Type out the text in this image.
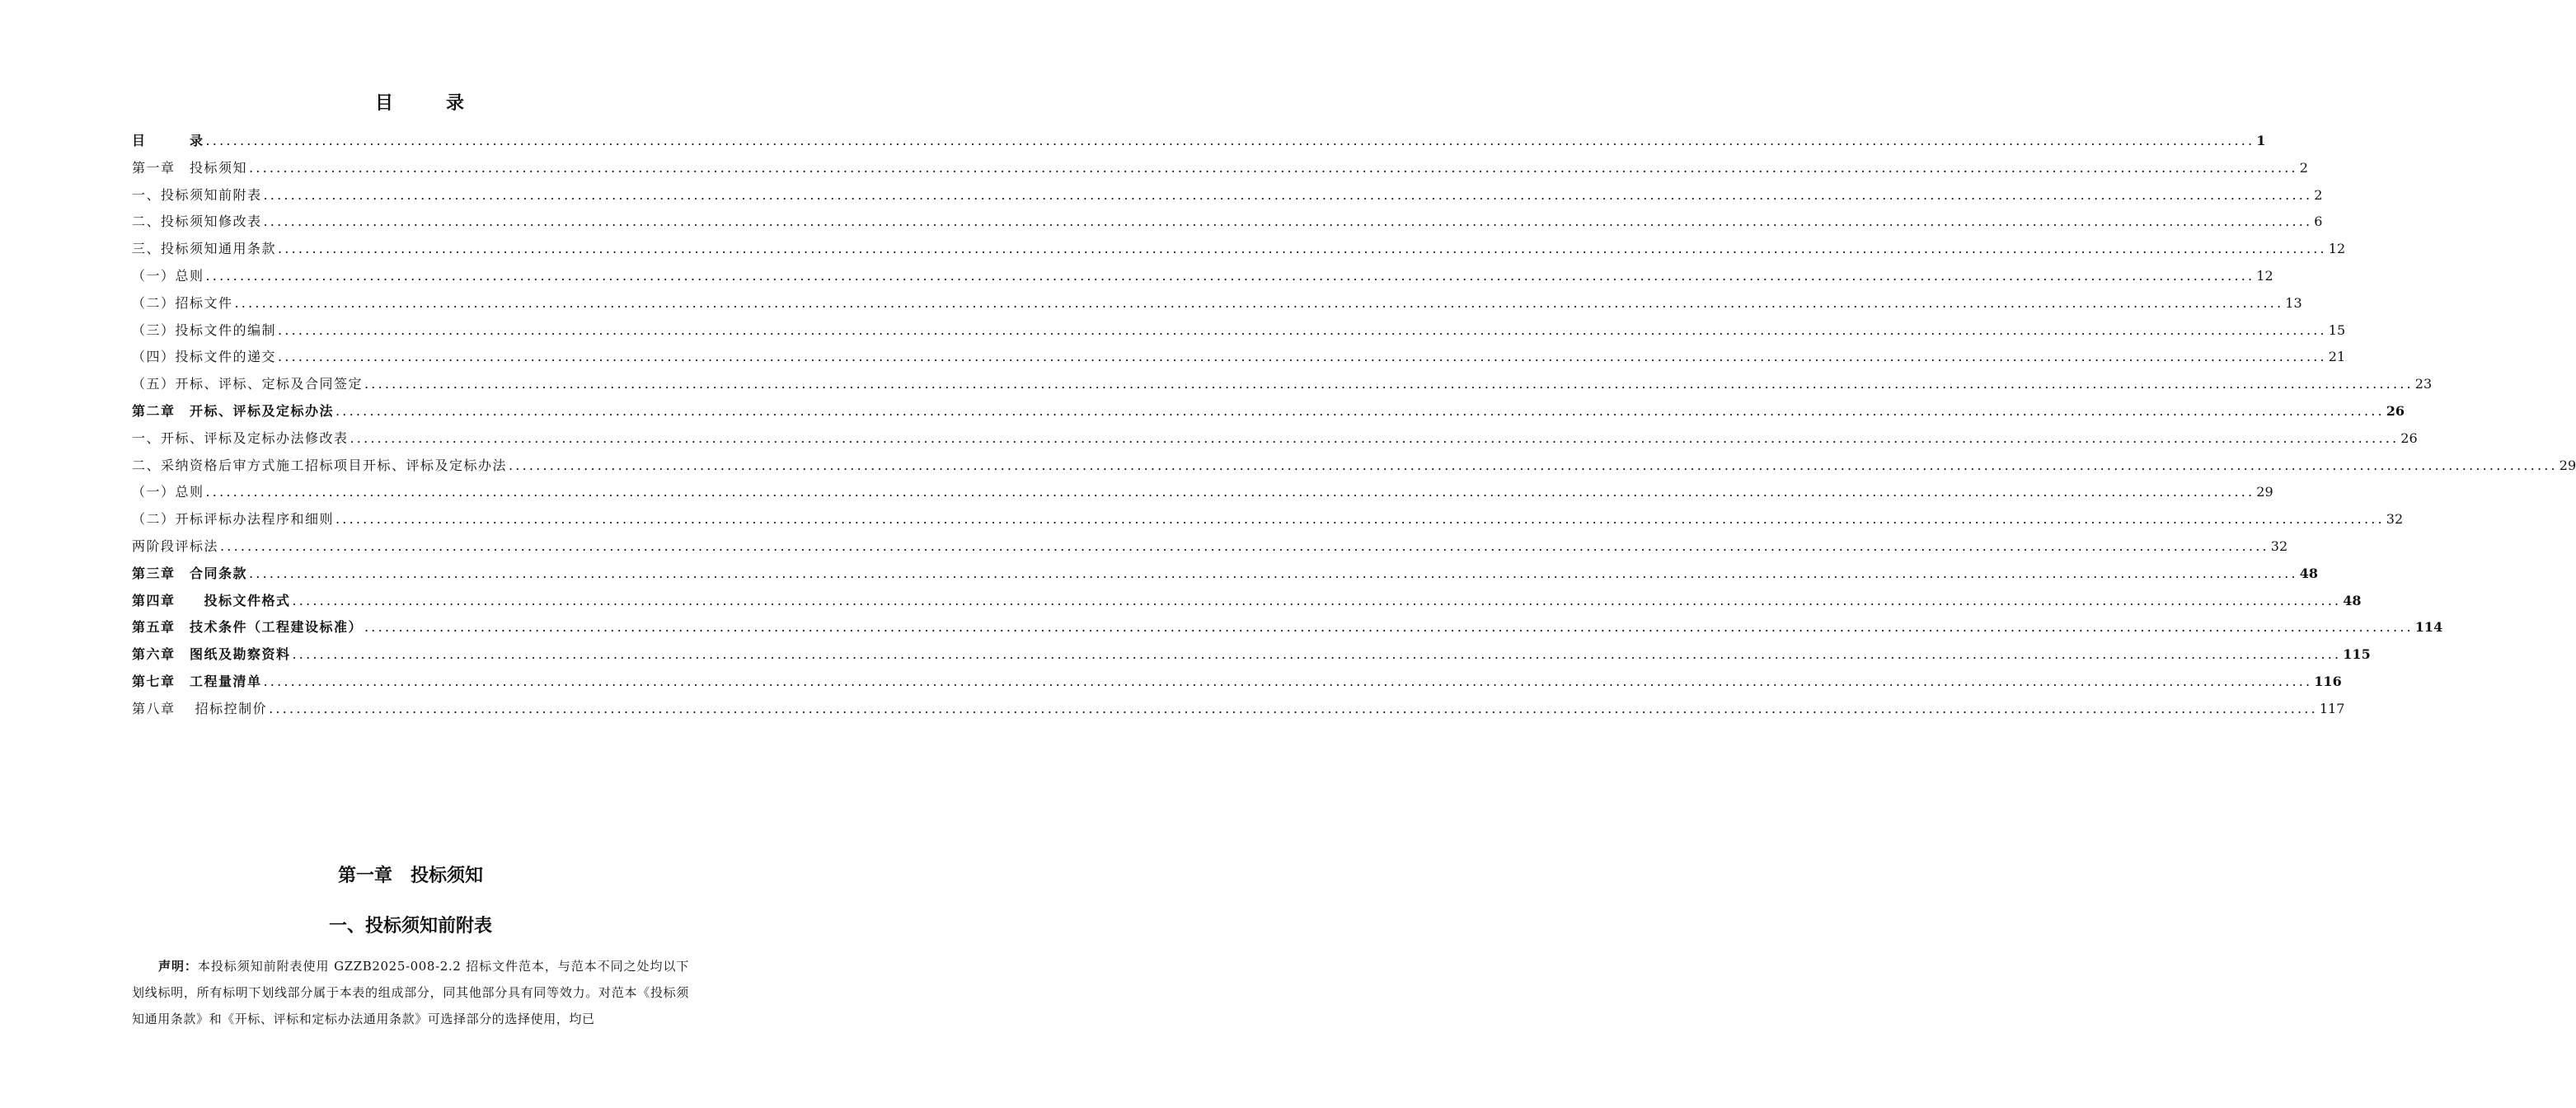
目	录
目　　　录 ............................................................................................................................................................................................................................................................................................................ 1
第一章　投标须知 ............................................................................................................................................................................................................................................................................................................ 2
一、投标须知前附表 ............................................................................................................................................................................................................................................................................................................ 2
二、投标须知修改表 ............................................................................................................................................................................................................................................................................................................ 6
三、投标须知通用条款 ............................................................................................................................................................................................................................................................................................................ 12
（一）总则 ............................................................................................................................................................................................................................................................................................................ 12
（二）招标文件 ............................................................................................................................................................................................................................................................................................................ 13
（三）投标文件的编制 ............................................................................................................................................................................................................................................................................................................ 15
（四）投标文件的递交 ............................................................................................................................................................................................................................................................................................................ 21
（五）开标、评标、定标及合同签定 ............................................................................................................................................................................................................................................................................................................ 23
第二章　开标、评标及定标办法 ............................................................................................................................................................................................................................................................................................................ 26
一、开标、评标及定标办法修改表 ............................................................................................................................................................................................................................................................................................................ 26
二、采纳资格后审方式施工招标项目开标、评标及定标办法 ............................................................................................................................................................................................................................................................................................................ 29
（一）总则 ............................................................................................................................................................................................................................................................................................................ 29
（二）开标评标办法程序和细则 ............................................................................................................................................................................................................................................................................................................ 32
两阶段评标法 ............................................................................................................................................................................................................................................................................................................ 32
第三章　合同条款 ............................................................................................................................................................................................................................................................................................................ 48
第四章　　投标文件格式 ............................................................................................................................................................................................................................................................................................................ 48
第五章　技术条件（工程建设标准） ............................................................................................................................................................................................................................................................................................................ 114
第六章　图纸及勘察资料 ............................................................................................................................................................................................................................................................................................................ 115
第七章　工程量清单 ............................................................................................................................................................................................................................................................................................................ 116
第八章　 招标控制价 ............................................................................................................................................................................................................................................................................................................ 117
第一章　投标须知
一、投标须知前附表
声明：本投标须知前附表使用 GZZB2025-008-2.2 招标文件范本，与范本不同之处均以下划线标明，所有标明下划线部分属于本表的组成部分，同其他部分具有同等效力。对范本《投标须知通用条款》和《开标、评标和定标办法通用条款》可选择部分的选择使用，均已
